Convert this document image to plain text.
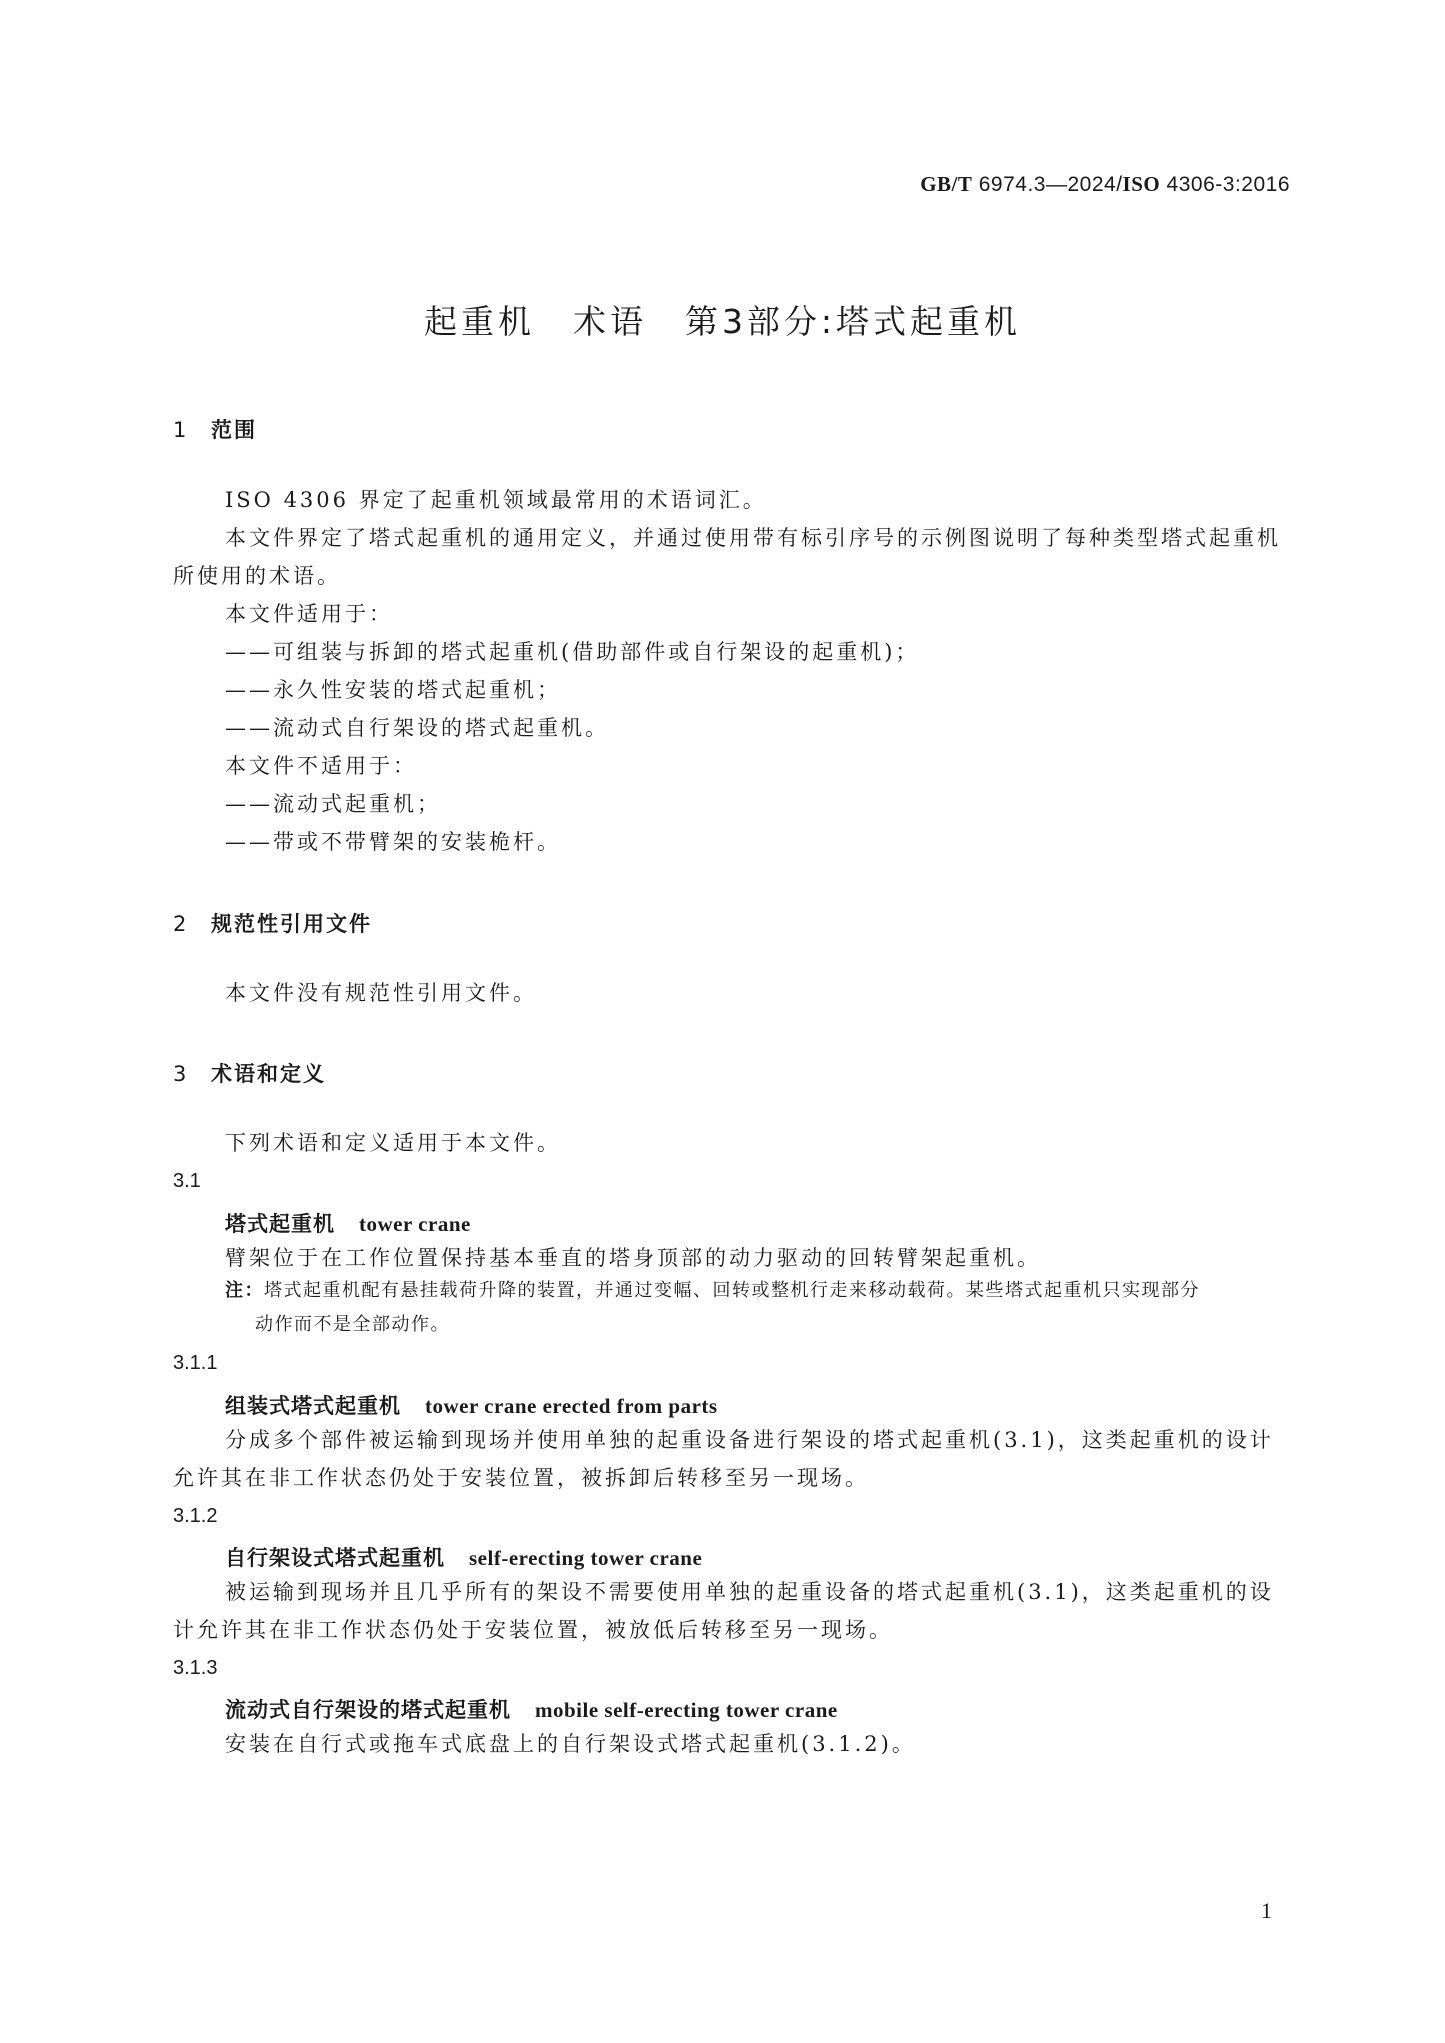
GB/T 6974.3—2024/ISO 4306-3:2016
起重机 术语 第3部分:塔式起重机
1 范围
ISO 4306 界定了起重机领域最常用的术语词汇。
本文件界定了塔式起重机的通用定义，并通过使用带有标引序号的示例图说明了每种类型塔式起重机所使用的术语。
本文件适用于：
——可组装与拆卸的塔式起重机(借助部件或自行架设的起重机)；
——永久性安装的塔式起重机；
——流动式自行架设的塔式起重机。
本文件不适用于：
——流动式起重机；
——带或不带臂架的安装桅杆。
2 规范性引用文件
本文件没有规范性引用文件。
3 术语和定义
下列术语和定义适用于本文件。
3.1
塔式起重机 tower crane
臂架位于在工作位置保持基本垂直的塔身顶部的动力驱动的回转臂架起重机。
注：塔式起重机配有悬挂载荷升降的装置，并通过变幅、回转或整机行走来移动载荷。某些塔式起重机只实现部分
动作而不是全部动作。
3.1.1
组装式塔式起重机 tower crane erected from parts
分成多个部件被运输到现场并使用单独的起重设备进行架设的塔式起重机(3.1)，这类起重机的设计允许其在非工作状态仍处于安装位置，被拆卸后转移至另一现场。
3.1.2
自行架设式塔式起重机 self-erecting tower crane
被运输到现场并且几乎所有的架设不需要使用单独的起重设备的塔式起重机(3.1)，这类起重机的设计允许其在非工作状态仍处于安装位置，被放低后转移至另一现场。
3.1.3
流动式自行架设的塔式起重机 mobile self-erecting tower crane
安装在自行式或拖车式底盘上的自行架设式塔式起重机(3.1.2)。
1
